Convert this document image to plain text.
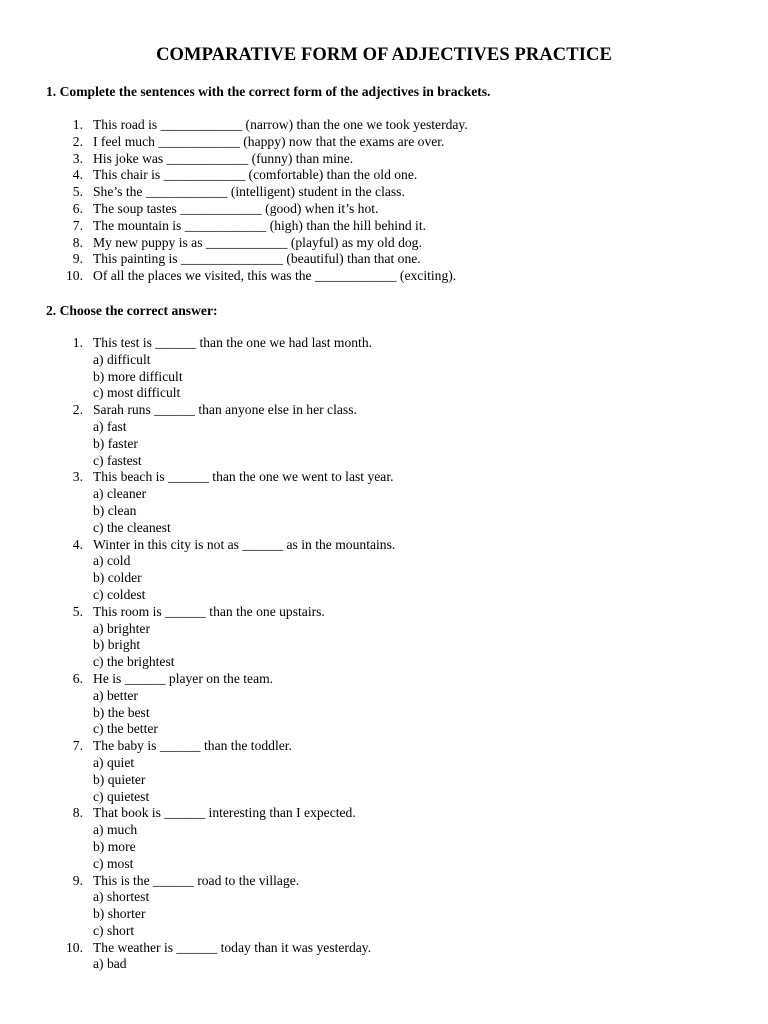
COMPARATIVE FORM OF ADJECTIVES PRACTICE
1. Complete the sentences with the correct form of the adjectives in brackets.
1. This road is ____________ (narrow) than the one we took yesterday.
2. I feel much ____________ (happy) now that the exams are over.
3. His joke was ____________ (funny) than mine.
4. This chair is ____________ (comfortable) than the old one.
5. She’s the ____________ (intelligent) student in the class.
6. The soup tastes ____________ (good) when it’s hot.
7. The mountain is ____________ (high) than the hill behind it.
8. My new puppy is as ____________ (playful) as my old dog.
9. This painting is _______________ (beautiful) than that one.
10. Of all the places we visited, this was the ____________ (exciting).
2. Choose the correct answer:
1. This test is ______ than the one we had last month.
a) difficult
b) more difficult
c) most difficult
2. Sarah runs ______ than anyone else in her class.
a) fast
b) faster
c) fastest
3. This beach is ______ than the one we went to last year.
a) cleaner
b) clean
c) the cleanest
4. Winter in this city is not as ______ as in the mountains.
a) cold
b) colder
c) coldest
5. This room is ______ than the one upstairs.
a) brighter
b) bright
c) the brightest
6. He is ______ player on the team.
a) better
b) the best
c) the better
7. The baby is ______ than the toddler.
a) quiet
b) quieter
c) quietest
8. That book is ______ interesting than I expected.
a) much
b) more
c) most
9. This is the ______ road to the village.
a) shortest
b) shorter
c) short
10. The weather is ______ today than it was yesterday.
a) bad
